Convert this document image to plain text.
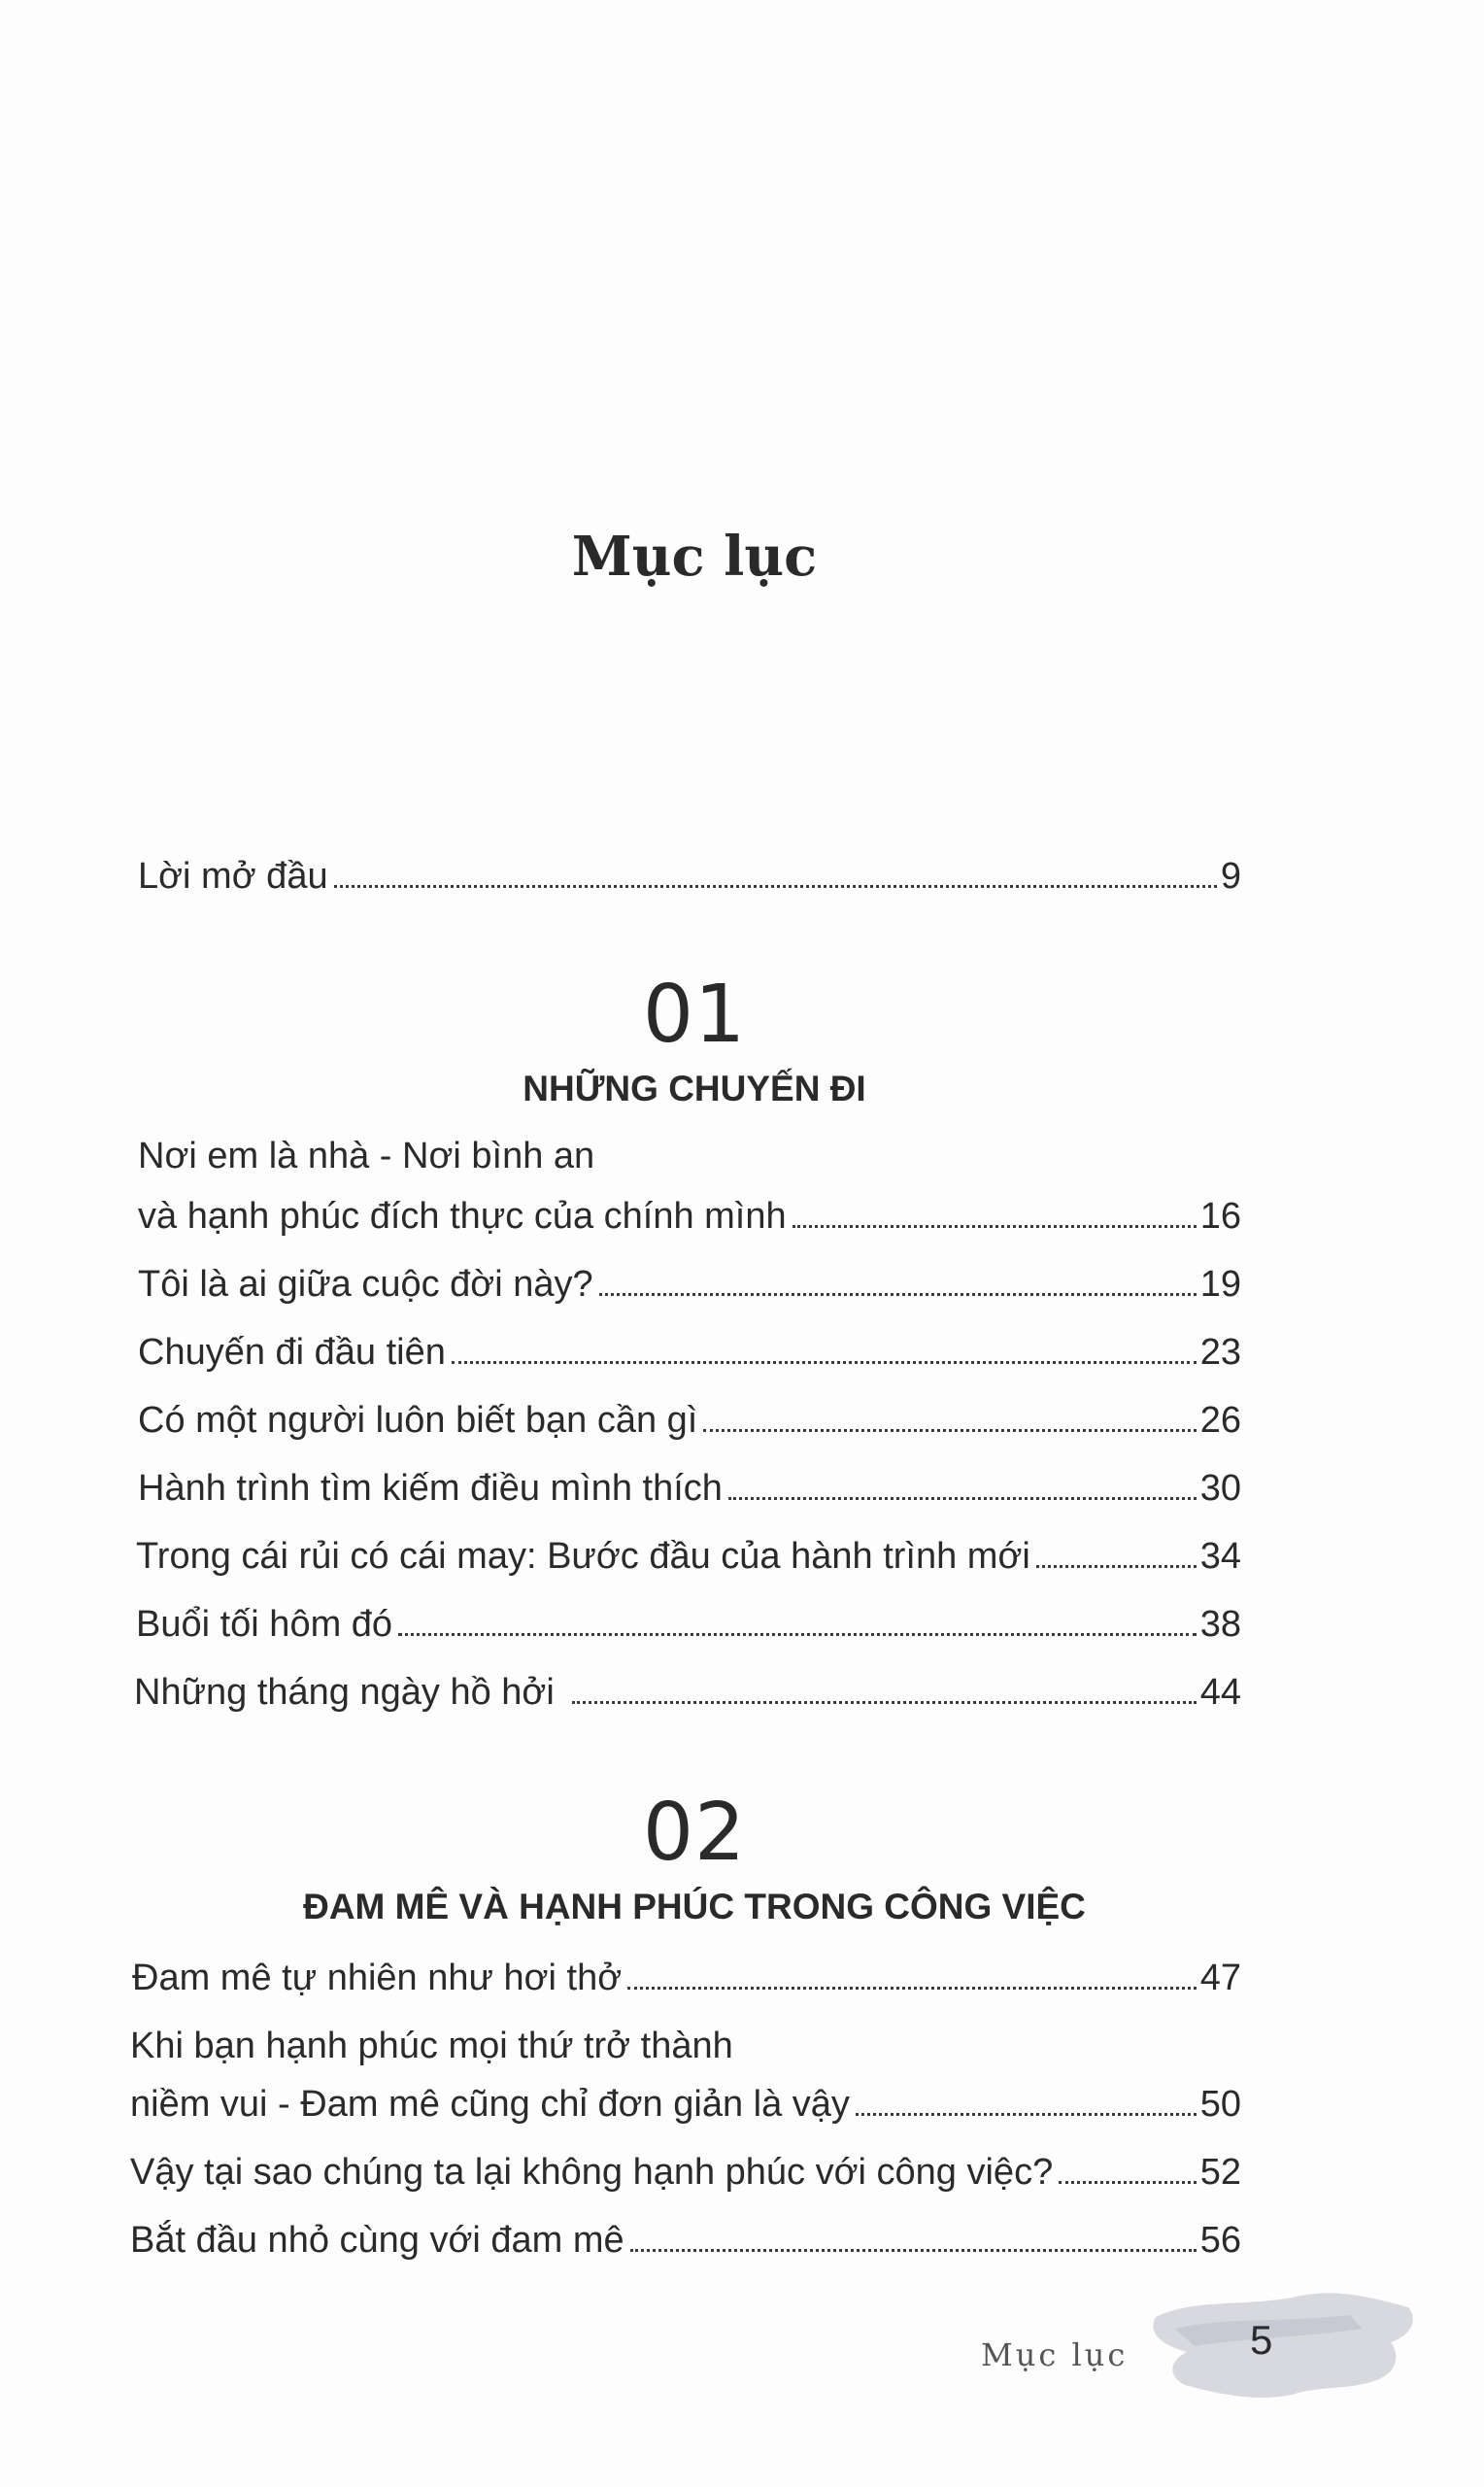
Mục lục
Lời mở đầu	9
01
NHỮNG CHUYẾN ĐI
Nơi em là nhà - Nơi bình an
và hạnh phúc đích thực của chính mình	16
Tôi là ai giữa cuộc đời này?	19
Chuyến đi đầu tiên	23
Có một người luôn biết bạn cần gì	26
Hành trình tìm kiếm điều mình thích	30
Trong cái rủi có cái may: Bước đầu của hành trình mới	34
Buổi tối hôm đó	38
Những tháng ngày hồ hởi	44
02
ĐAM MÊ VÀ HẠNH PHÚC TRONG CÔNG VIỆC
Đam mê tự nhiên như hơi thở	47
Khi bạn hạnh phúc mọi thứ trở thành
niềm vui - Đam mê cũng chỉ đơn giản là vậy	50
Vậy tại sao chúng ta lại không hạnh phúc với công việc?	52
Bắt đầu nhỏ cùng với đam mê	56
Mục lục	5
